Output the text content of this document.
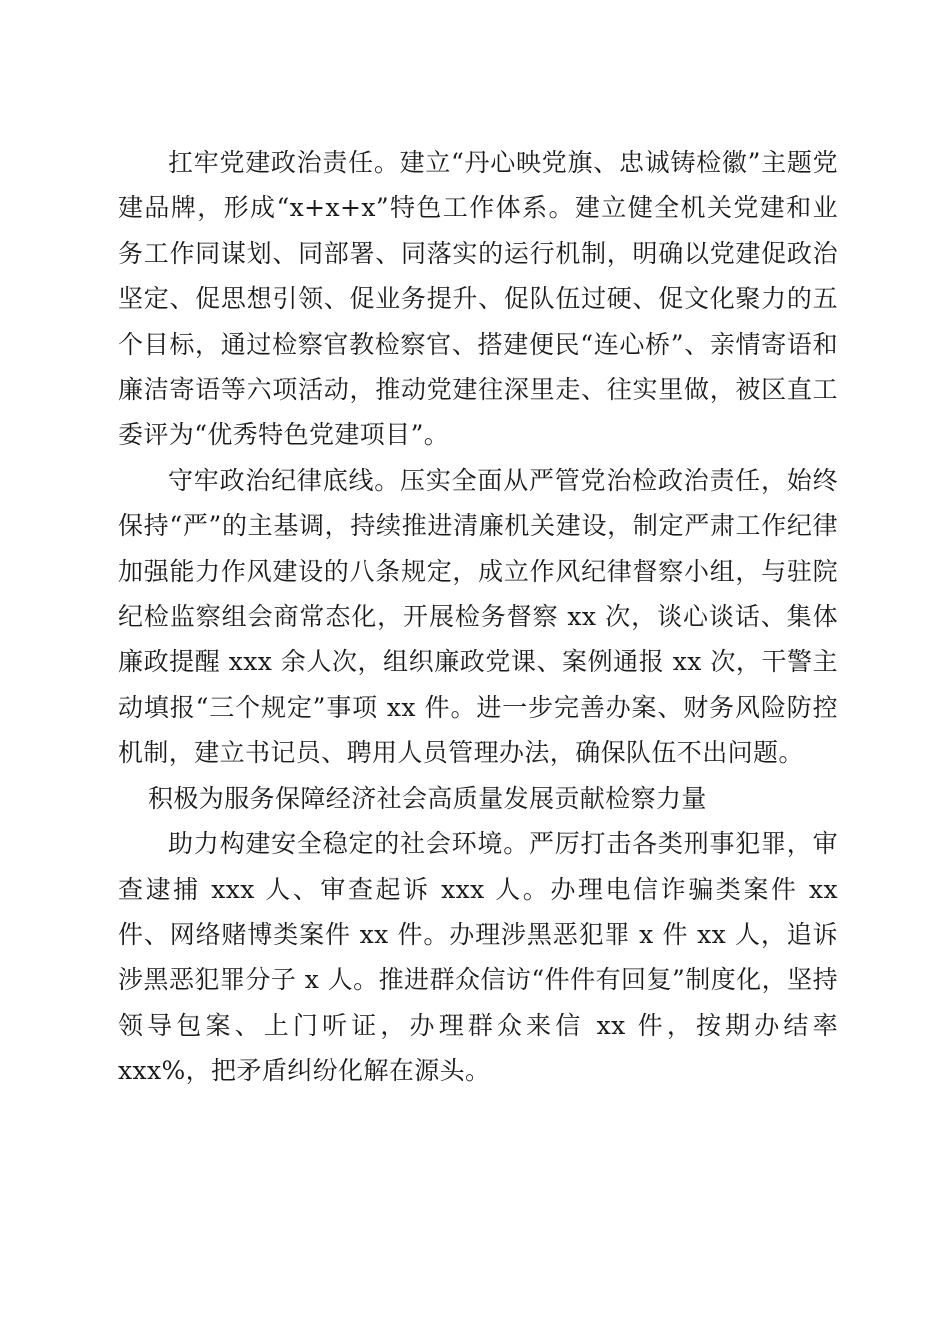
扛牢党建政治责任。建立“丹心映党旗、忠诚铸检徽”主题党建品牌，形成“x+x+x”特色工作体系。建立健全机关党建和业务工作同谋划、同部署、同落实的运行机制，明确以党建促政治坚定、促思想引领、促业务提升、促队伍过硬、促文化聚力的五个目标，通过检察官教检察官、搭建便民“连心桥”、亲情寄语和廉洁寄语等六项活动，推动党建往深里走、往实里做，被区直工委评为“优秀特色党建项目”。

守牢政治纪律底线。压实全面从严管党治检政治责任，始终保持“严”的主基调，持续推进清廉机关建设，制定严肃工作纪律加强能力作风建设的八条规定，成立作风纪律督察小组，与驻院纪检监察组会商常态化，开展检务督察 xx 次，谈心谈话、集体廉政提醒 xxx 余人次，组织廉政党课、案例通报 xx 次，干警主动填报“三个规定”事项 xx 件。进一步完善办案、财务风险防控机制，建立书记员、聘用人员管理办法，确保队伍不出问题。

积极为服务保障经济社会高质量发展贡献检察力量

助力构建安全稳定的社会环境。严厉打击各类刑事犯罪，审查逮捕 xxx 人、审查起诉 xxx 人。办理电信诈骗类案件 xx 件、网络赌博类案件 xx 件。办理涉黑恶犯罪 x 件 xx 人，追诉涉黑恶犯罪分子 x 人。推进群众信访“件件有回复”制度化，坚持领导包案、上门听证，办理群众来信 xx 件，按期办结率 xxx%，把矛盾纠纷化解在源头。
